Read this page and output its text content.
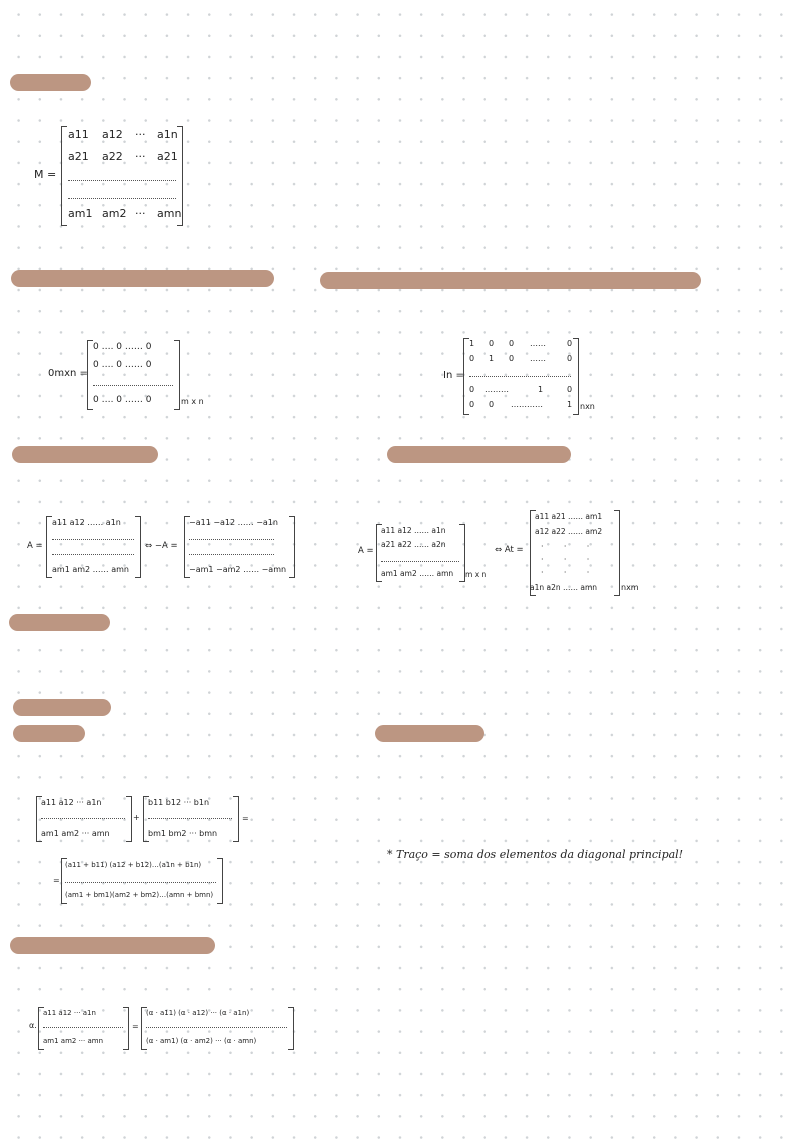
M =
a11 a12 ··· a1n
a21 a22 ··· a21
am1 am2 ··· amn
0mxn =
0 …. 0 …… 0
0 …. 0 …… 0
0 …. 0 …… 0	m x n
In =
1 0 0 ……	0
0 1 0 ……	0
0 ………	1	0
0 0 …………	1 nxn
A =
a11 a12 …… a1n
am1 am2 …… amn
⇔ −A =
−a11 −a12 …… −a1n
−am1 −am2 …… −amn
A =
a11 a12 …… a1n
a21 a22 …… a2n
am1 am2 …… amn m x n
⇔ At =
a11 a21 …… am1
a12 a22 …… am2
·        ·        ·
·        ·        ·
·        ·        ·
a1n a2n …… amn	nxm
a11 a12 ··· a1n
am1 am2 ··· amn
+
b11 b12 ··· b1n
bm1 bm2 ··· bmn
=
=
(a11 + b11) (a12 + b12)…(a1n + b1n)
(am1 + bm1)(am2 + bm2)…(amn + bmn)
α.
a11 a12 ··· a1n
am1 am2 ··· amn
=
(α · a11) (α · a12) ··· (α · a1n)
(α · am1) (α · am2) ··· (α · amn)
* Traço = soma dos elementos da diagonal principal!
